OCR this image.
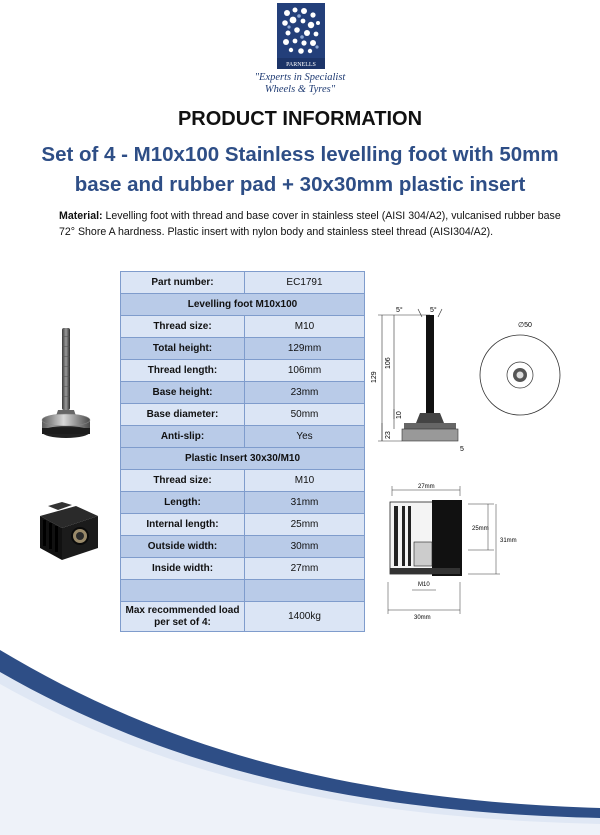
PARNELLS
"Experts in Specialist
Wheels & Tyres"
PRODUCT INFORMATION
Set of 4 - M10x100 Stainless levelling foot with 50mm
base and rubber pad + 30x30mm plastic insert
Material: Levelling foot with thread and base cover in stainless steel (AISI 304/A2), vulcanised rubber base 72° Shore A hardness. Plastic insert with nylon body and stainless steel thread (AISI304/A2).
Part number:	EC1791
Levelling foot M10x100	
Thread size:	M10
Total height:	129mm
Thread length:	106mm
Base height:	23mm
Base diameter:	50mm
Anti-slip:	Yes
Plastic Insert 30x30/M10	
Thread size:	M10
Length:	31mm
Internal length:	25mm
Outside width:	30mm
Inside width:	27mm

Max recommended load
per set of 4:	1400kg
5°	5°
129
106
10
23
5
∅50
27mm
25mm
31mm
M10
30mm
